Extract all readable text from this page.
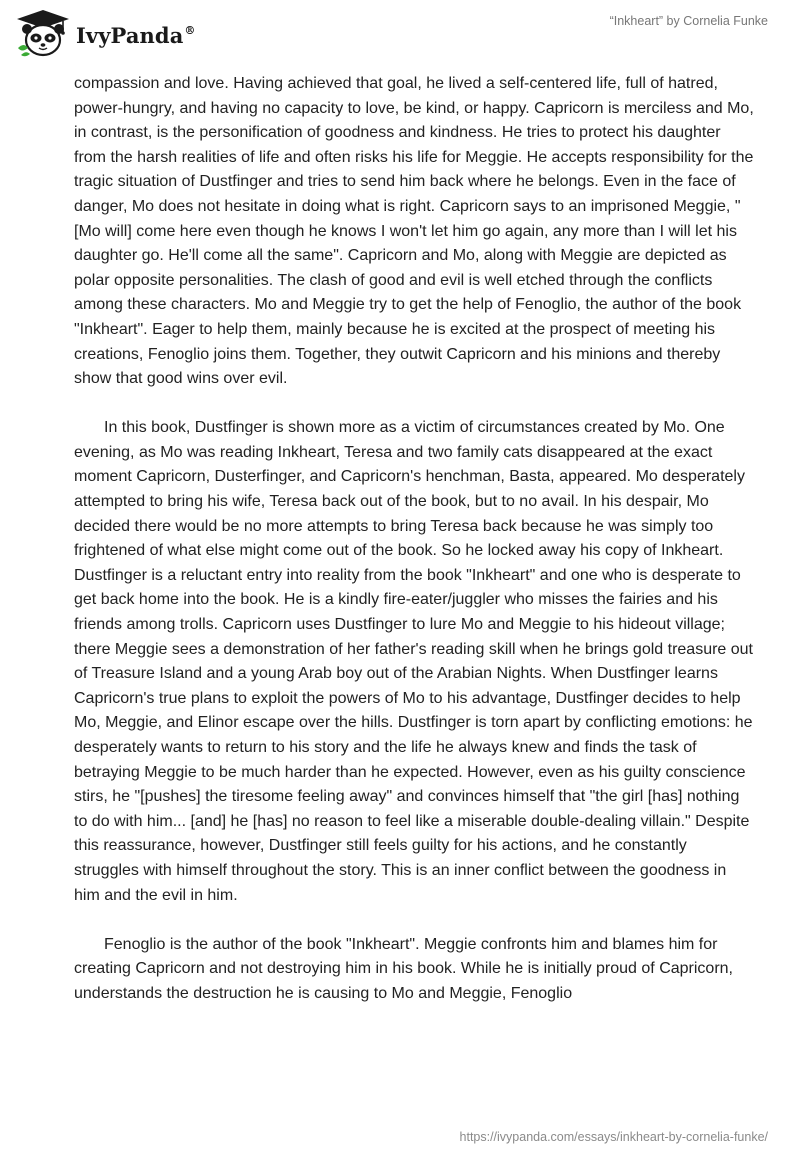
IvyPanda®
“Inkheart” by Cornelia Funke

compassion and love. Having achieved that goal, he lived a self-centered life, full of hatred, power-hungry, and having no capacity to love, be kind, or happy. Capricorn is merciless and Mo, in contrast, is the personification of goodness and kindness. He tries to protect his daughter from the harsh realities of life and often risks his life for Meggie. He accepts responsibility for the tragic situation of Dustfinger and tries to send him back where he belongs. Even in the face of danger, Mo does not hesitate in doing what is right. Capricorn says to an imprisoned Meggie, "[Mo will] come here even though he knows I won't let him go again, any more than I will let his daughter go. He'll come all the same". Capricorn and Mo, along with Meggie are depicted as polar opposite personalities. The clash of good and evil is well etched through the conflicts among these characters. Mo and Meggie try to get the help of Fenoglio, the author of the book "Inkheart". Eager to help them, mainly because he is excited at the prospect of meeting his creations, Fenoglio joins them. Together, they outwit Capricorn and his minions and thereby show that good wins over evil.

In this book, Dustfinger is shown more as a victim of circumstances created by Mo. One evening, as Mo was reading Inkheart, Teresa and two family cats disappeared at the exact moment Capricorn, Dusterfinger, and Capricorn's henchman, Basta, appeared. Mo desperately attempted to bring his wife, Teresa back out of the book, but to no avail. In his despair, Mo decided there would be no more attempts to bring Teresa back because he was simply too frightened of what else might come out of the book. So he locked away his copy of Inkheart. Dustfinger is a reluctant entry into reality from the book "Inkheart" and one who is desperate to get back home into the book. He is a kindly fire-eater/juggler who misses the fairies and his friends among trolls. Capricorn uses Dustfinger to lure Mo and Meggie to his hideout village; there Meggie sees a demonstration of her father's reading skill when he brings gold treasure out of Treasure Island and a young Arab boy out of the Arabian Nights. When Dustfinger learns Capricorn's true plans to exploit the powers of Mo to his advantage, Dustfinger decides to help Mo, Meggie, and Elinor escape over the hills. Dustfinger is torn apart by conflicting emotions: he desperately wants to return to his story and the life he always knew and finds the task of betraying Meggie to be much harder than he expected. However, even as his guilty conscience stirs, he "[pushes] the tiresome feeling away" and convinces himself that "the girl [has] nothing to do with him... [and] he [has] no reason to feel like a miserable double-dealing villain." Despite this reassurance, however, Dustfinger still feels guilty for his actions, and he constantly struggles with himself throughout the story. This is an inner conflict between the goodness in him and the evil in him.

Fenoglio is the author of the book "Inkheart". Meggie confronts him and blames him for creating Capricorn and not destroying him in his book. While he is initially proud of Capricorn, understands the destruction he is causing to Mo and Meggie, Fenoglio

https://ivypanda.com/essays/inkheart-by-cornelia-funke/
